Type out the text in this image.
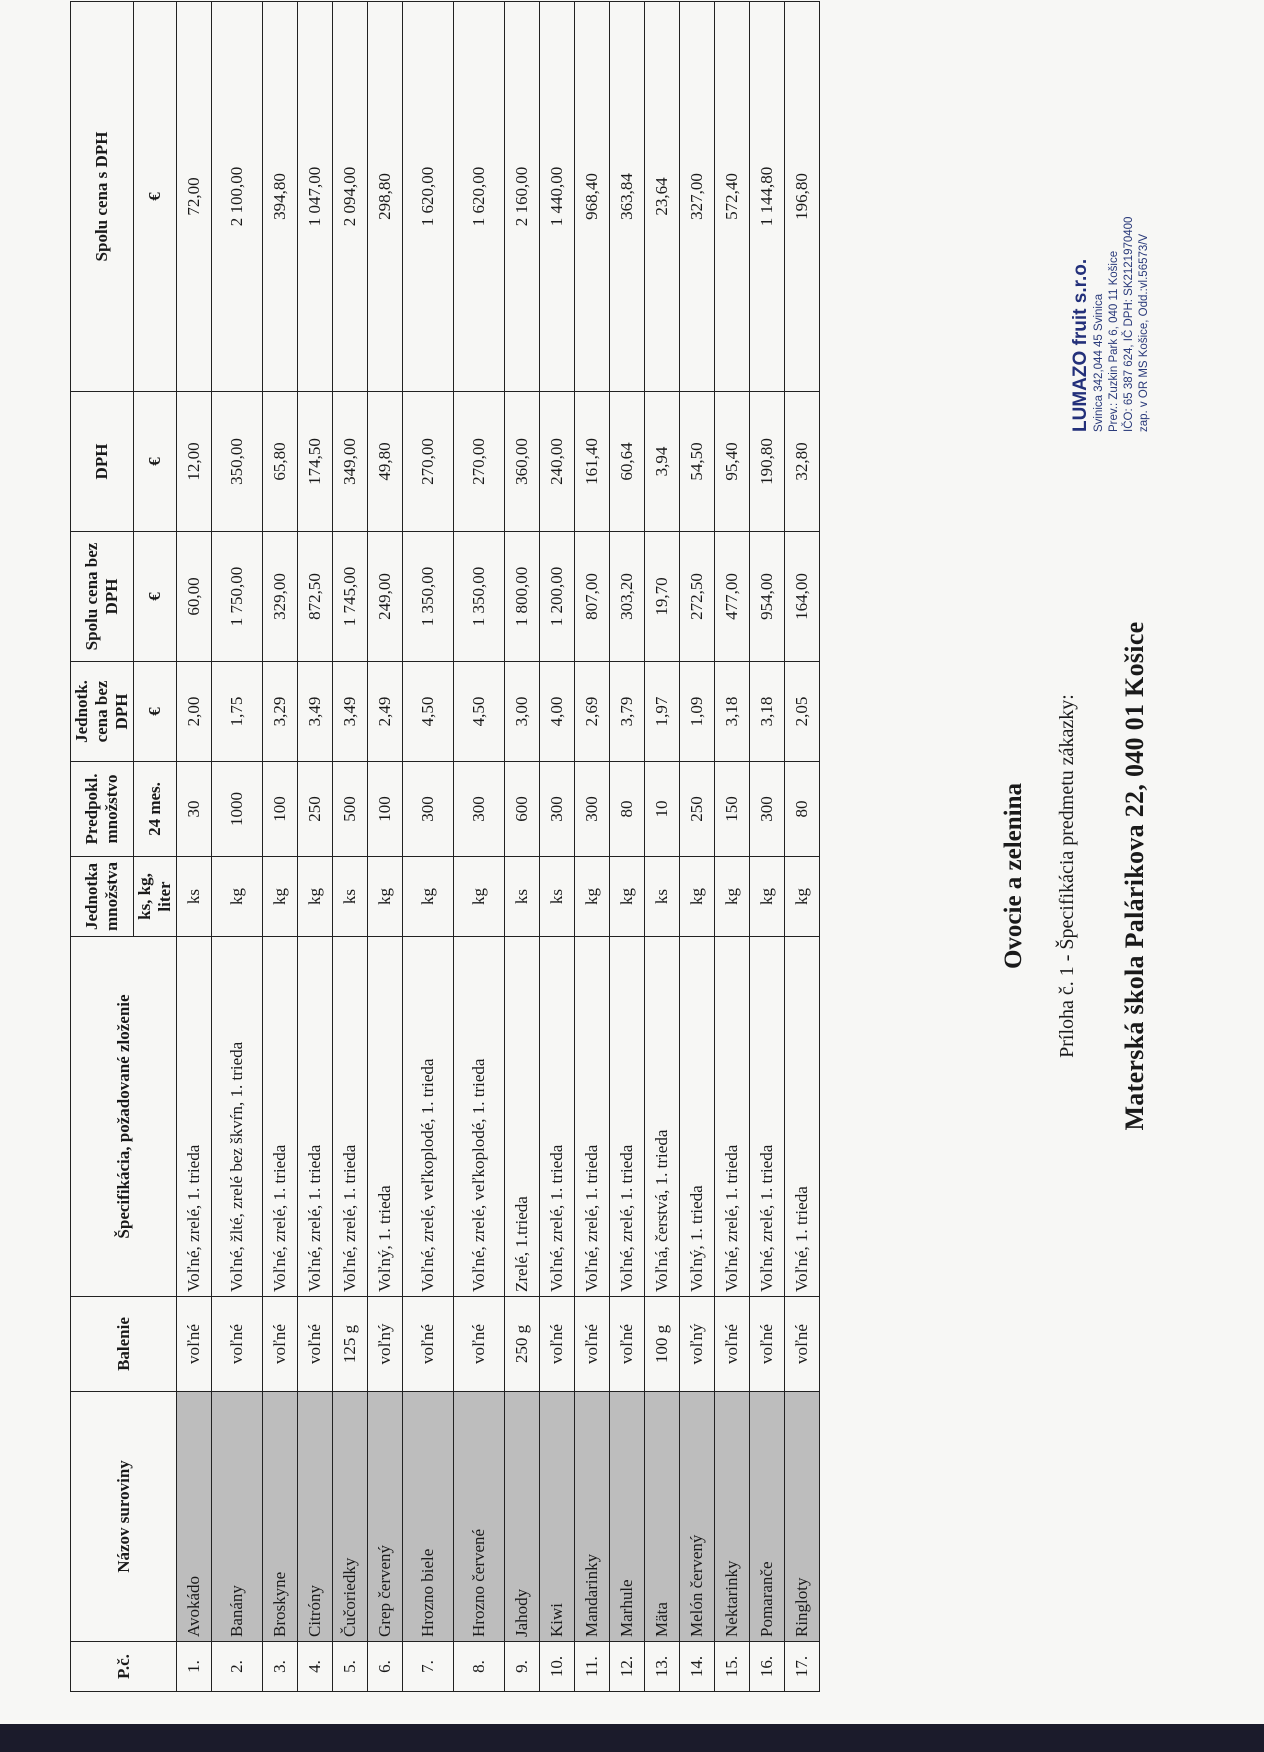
Materská škola Palárikova 22, 040 01 Košice
Príloha č. 1 - Špecifikácia predmetu zákazky:
Ovocie a zelenina
LUMAZO fruit s.r.o. Svinica 342,044 45 Svinica Prev.: Zuzkin Park 6, 040 11 Košice IČO: 65 387 624, IČ DPH: SK2121970400 zap. v OR MS Košice, Odd.:vl.56573/V
P.č.	Názov suroviny	Balenie	Špecifikácia, požadované zloženie	Jednotka množstva	Predpokl. množstvo	Jednotk. cena bez DPH	Spolu cena bez DPH	DPH	Spolu cena s DPH
				ks, kg, liter	24 mes.	€	€	€	€
1.	Avokádo	voľné	Voľné, zrelé, 1. trieda	ks	30	2,00	60,00	12,00	72,00
2.	Banány	voľné	Voľné, žlté, zrelé bez škvŕn, 1. trieda	kg	1000	1,75	1 750,00	350,00	2 100,00
3.	Broskyne	voľné	Voľné, zrelé, 1. trieda	kg	100	3,29	329,00	65,80	394,80
4.	Citróny	voľné	Voľné, zrelé, 1. trieda	kg	250	3,49	872,50	174,50	1 047,00
5.	Čučoriedky	125 g	Voľné, zrelé, 1. trieda	ks	500	3,49	1 745,00	349,00	2 094,00
6.	Grep červený	voľný	Voľný, 1. trieda	kg	100	2,49	249,00	49,80	298,80
7.	Hrozno biele	voľné	Voľné, zrelé, veľkoplodé, 1. trieda	kg	300	4,50	1 350,00	270,00	1 620,00
8.	Hrozno červené	voľné	Voľné, zrelé, veľkoplodé, 1. trieda	kg	300	4,50	1 350,00	270,00	1 620,00
9.	Jahody	250 g	Zrelé, 1.trieda	ks	600	3,00	1 800,00	360,00	2 160,00
10.	Kiwi	voľné	Voľné, zrelé, 1. trieda	ks	300	4,00	1 200,00	240,00	1 440,00
11.	Mandarinky	voľné	Voľné, zrelé, 1. trieda	kg	300	2,69	807,00	161,40	968,40
12.	Marhule	voľné	Voľné, zrelé, 1. trieda	kg	80	3,79	303,20	60,64	363,84
13.	Mäta	100 g	Voľná, čerstvá, 1. trieda	ks	10	1,97	19,70	3,94	23,64
14.	Melón červený	voľný	Voľný, 1. trieda	kg	250	1,09	272,50	54,50	327,00
15.	Nektarinky	voľné	Voľné, zrelé, 1. trieda	kg	150	3,18	477,00	95,40	572,40
16.	Pomaranče	voľné	Voľné, zrelé, 1. trieda	kg	300	3,18	954,00	190,80	1 144,80
17.	Ringloty	voľné	Voľné, 1. trieda	kg	80	2,05	164,00	32,80	196,80
